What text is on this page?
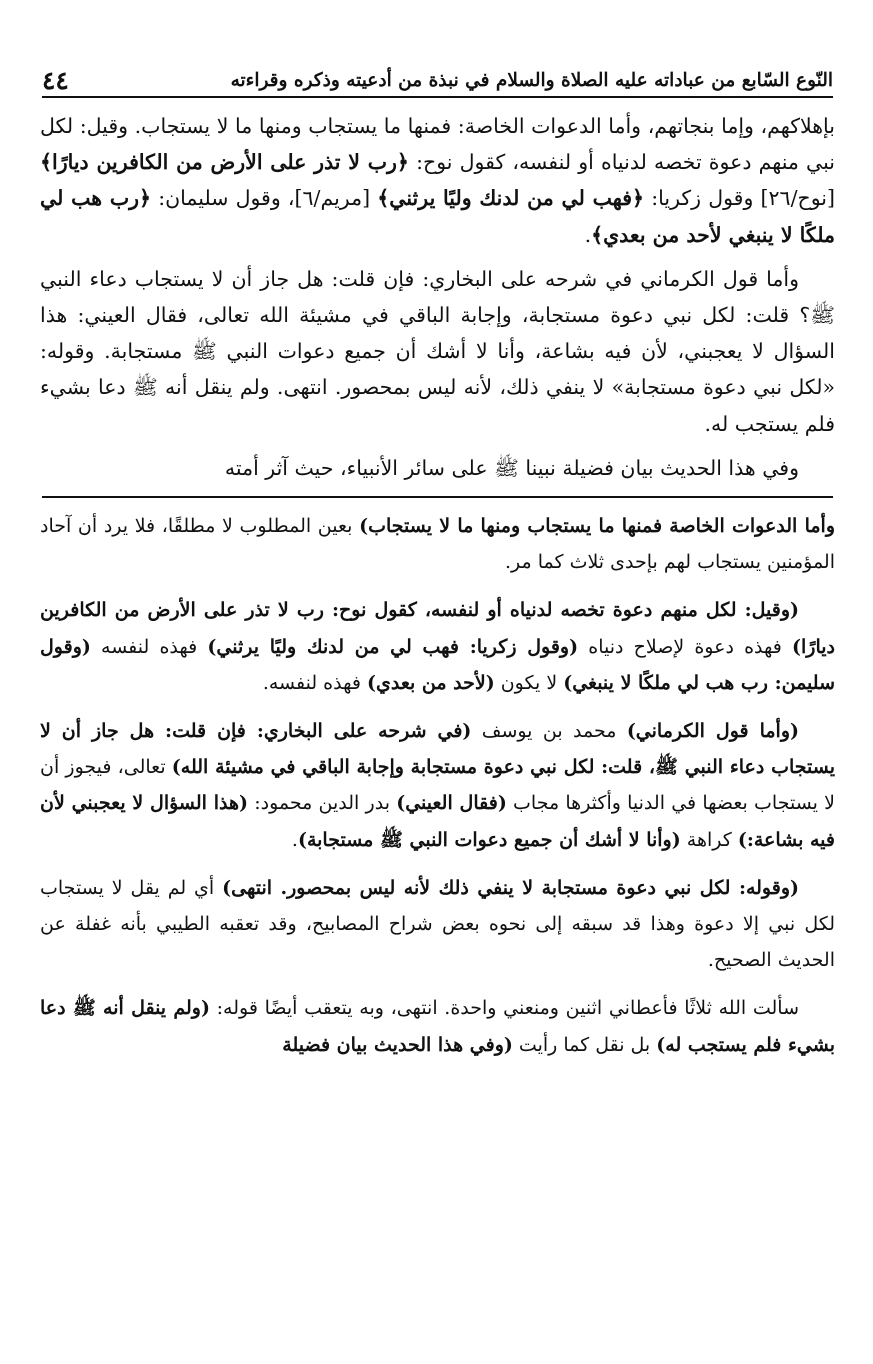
النّوع السّابع من عباداته عليه الصلاة والسلام في نبذة من أدعيته وذكره وقراءته
٤٤

بإهلاكهم، وإما بنجاتهم، وأما الدعوات الخاصة: فمنها ما يستجاب ومنها ما لا يستجاب. وقيل: لكل نبي منهم دعوة تخصه لدنياه أو لنفسه، كقول نوح: ﴿رب لا تذر على الأرض من الكافرين ديارًا﴾[نوح/٢٦] وقول زكريا: ﴿فهب لي من لدنك وليًا يرثني﴾ [مريم/٦]، وقول سليمان: ﴿رب هب لي ملكًا لا ينبغي لأحد من بعدي﴾.

وأما قول الكرماني في شرحه على البخاري: فإن قلت: هل جاز أن لا يستجاب دعاء النبي ﷺ؟ قلت: لكل نبي دعوة مستجابة، وإجابة الباقي في مشيئة الله تعالى، فقال العيني: هذا السؤال لا يعجبني، لأن فيه بشاعة، وأنا لا أشك أن جميع دعوات النبي ﷺ مستجابة. وقوله: «لكل نبي دعوة مستجابة» لا ينفي ذلك، لأنه ليس بمحصور. انتهى. ولم ينقل أنه ﷺ دعا بشيء فلم يستجب له.

وفي هذا الحديث بيان فضيلة نبينا ﷺ على سائر الأنبياء، حيث آثر أمته

وأما الدعوات الخاصة فمنها ما يستجاب ومنها ما لا يستجاب) بعين المطلوب لا مطلقًا، فلا يرد أن آحاد المؤمنين يستجاب لهم بإحدى ثلاث كما مر.

(وقيل: لكل منهم دعوة تخصه لدنياه أو لنفسه، كقول نوح: رب لا تذر على الأرض من الكافرين ديارًا) فهذه دعوة لإصلاح دنياه (وقول زكريا: فهب لي من لدنك وليًا يرثني) فهذه لنفسه (وقول سليمن: رب هب لي ملكًا لا ينبغي) لا يكون (لأحد من بعدي) فهذه لنفسه.

(وأما قول الكرماني) محمد بن يوسف (في شرحه على البخاري: فإن قلت: هل جاز أن لا يستجاب دعاء النبي ﷺ، قلت: لكل نبي دعوة مستجابة وإجابة الباقي في مشيئة الله) تعالى، فيجوز أن لا يستجاب بعضها في الدنيا وأكثرها مجاب (فقال العيني) بدر الدين محمود: (هذا السؤال لا يعجبني لأن فيه بشاعة:) كراهة (وأنا لا أشك أن جميع دعوات النبي ﷺ مستجابة).

(وقوله: لكل نبي دعوة مستجابة لا ينفي ذلك لأنه ليس بمحصور. انتهى) أي لم يقل لا يستجاب لكل نبي إلا دعوة وهذا قد سبقه إلى نحوه بعض شراح المصابيح، وقد تعقبه الطيبي بأنه غفلة عن الحديث الصحيح.

سألت الله ثلاثًا فأعطاني اثنين ومنعني واحدة. انتهى، وبه يتعقب أيضًا قوله: (ولم ينقل أنه ﷺ دعا بشيء فلم يستجب له) بل نقل كما رأيت (وفي هذا الحديث بيان فضيلة
